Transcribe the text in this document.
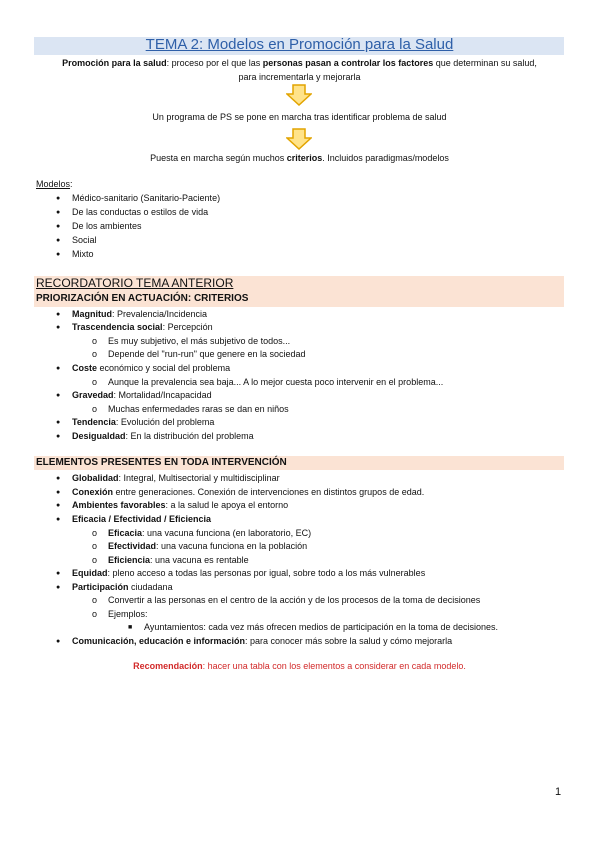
TEMA 2: Modelos en Promoción para la Salud
Promoción para la salud: proceso por el que las personas pasan a controlar los factores que determinan su salud,
para incrementarla y mejorarla
Un programa de PS se pone en marcha tras identificar problema de salud
Puesta en marcha según muchos criterios. Incluidos paradigmas/modelos
Modelos:
● Médico-sanitario (Sanitario-Paciente)
● De las conductas o estilos de vida
● De los ambientes
● Social
● Mixto
RECORDATORIO TEMA ANTERIOR
PRIORIZACIÓN EN ACTUACIÓN: CRITERIOS
● Magnitud: Prevalencia/Incidencia
● Trascendencia social: Percepción
o Es muy subjetivo, el más subjetivo de todos...
o Depende del "run-run" que genere en la sociedad
● Coste económico y social del problema
o Aunque la prevalencia sea baja... A lo mejor cuesta poco intervenir en el problema...
● Gravedad: Mortalidad/Incapacidad
o Muchas enfermedades raras se dan en niños
● Tendencia: Evolución del problema
● Desigualdad: En la distribución del problema
ELEMENTOS PRESENTES EN TODA INTERVENCIÓN
● Globalidad: Integral, Multisectorial y multidisciplinar
● Conexión entre generaciones. Conexión de intervenciones en distintos grupos de edad.
● Ambientes favorables: a la salud le apoya el entorno
● Eficacia / Efectividad / Eficiencia
o Eficacia: una vacuna funciona (en laboratorio, EC)
o Efectividad: una vacuna funciona en la población
o Eficiencia: una vacuna es rentable
● Equidad: pleno acceso a todas las personas por igual, sobre todo a los más vulnerables
● Participación ciudadana
o Convertir a las personas en el centro de la acción y de los procesos de la toma de decisiones
o Ejemplos:
■ Ayuntamientos: cada vez más ofrecen medios de participación en la toma de decisiones.
● Comunicación, educación e información: para conocer más sobre la salud y cómo mejorarla
Recomendación: hacer una tabla con los elementos a considerar en cada modelo.
1
